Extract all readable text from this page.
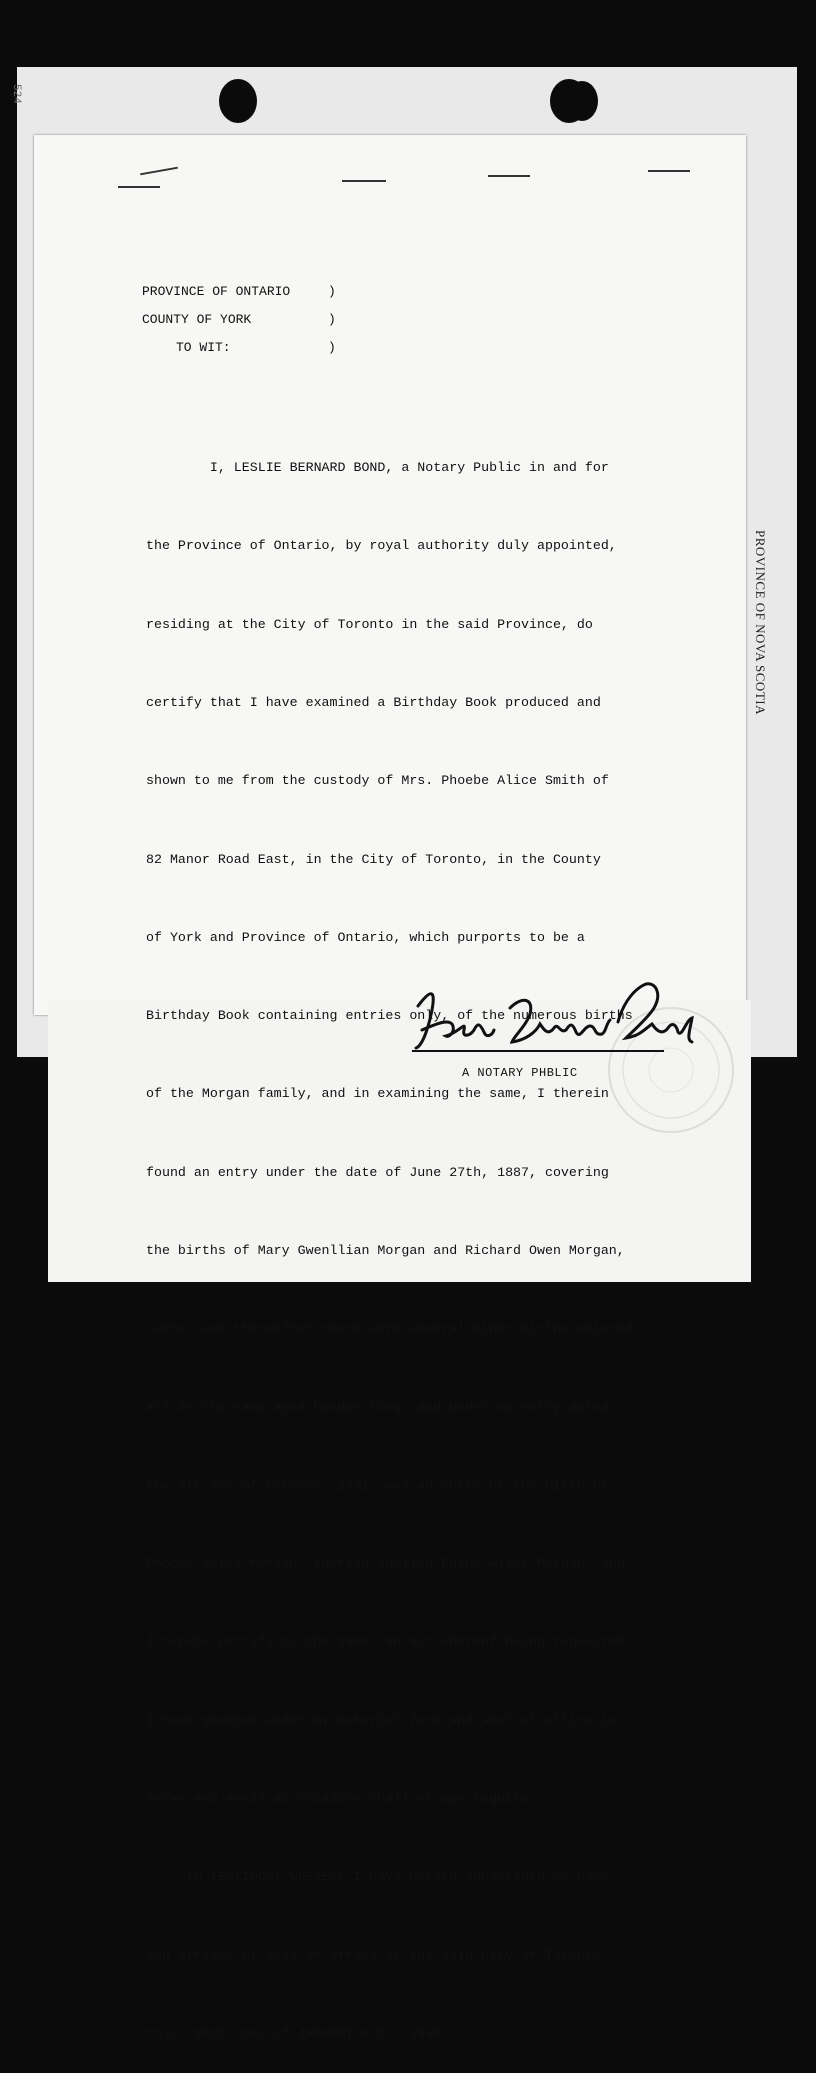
524
PROVINCE OF NOVA SCOTIA
PROVINCE OF ONTARIO	)
COUNTY OF YORK	)
TO WIT:	)

I, LESLIE BERNARD BOND, a Notary Public in and for

the Province of Ontario, by royal authority duly appointed,

residing at the City of Toronto in the said Province, do

certify that I have examined a Birthday Book produced and

shown to me from the custody of Mrs. Phoebe Alice Smith of

82 Manor Road East, in the City of Toronto, in the County

of York and Province of Ontario, which purports to be a

Birthday Book containing entries only, of the numerous births

of the Morgan family, and in examining the same, I therein

found an entry under the date of June 27th, 1887, covering

the births of Mary Gwenllian Morgan and Richard Owen Morgan,

twins, and thereafter there were several other births entered

all in the same aged handwriting, and under an entry dated

the 9th day of October, 1881, was an entry of the birth of

Phoebe Alice Morgan, therein spelled Phebe Alice Morgan, and

I hereby certify to the same, an act whereof being requested

I have granted under my notarial form and seal of office to

serve and avail as occasion shall or may require.

IN TESTIMONY WHEREOF I have hereto subscribed my name

and affixed my seal of office at the said City of Toronto,

this  18th  day of JANUARY A.D., 1950.

A NOTARY PHBLIC
